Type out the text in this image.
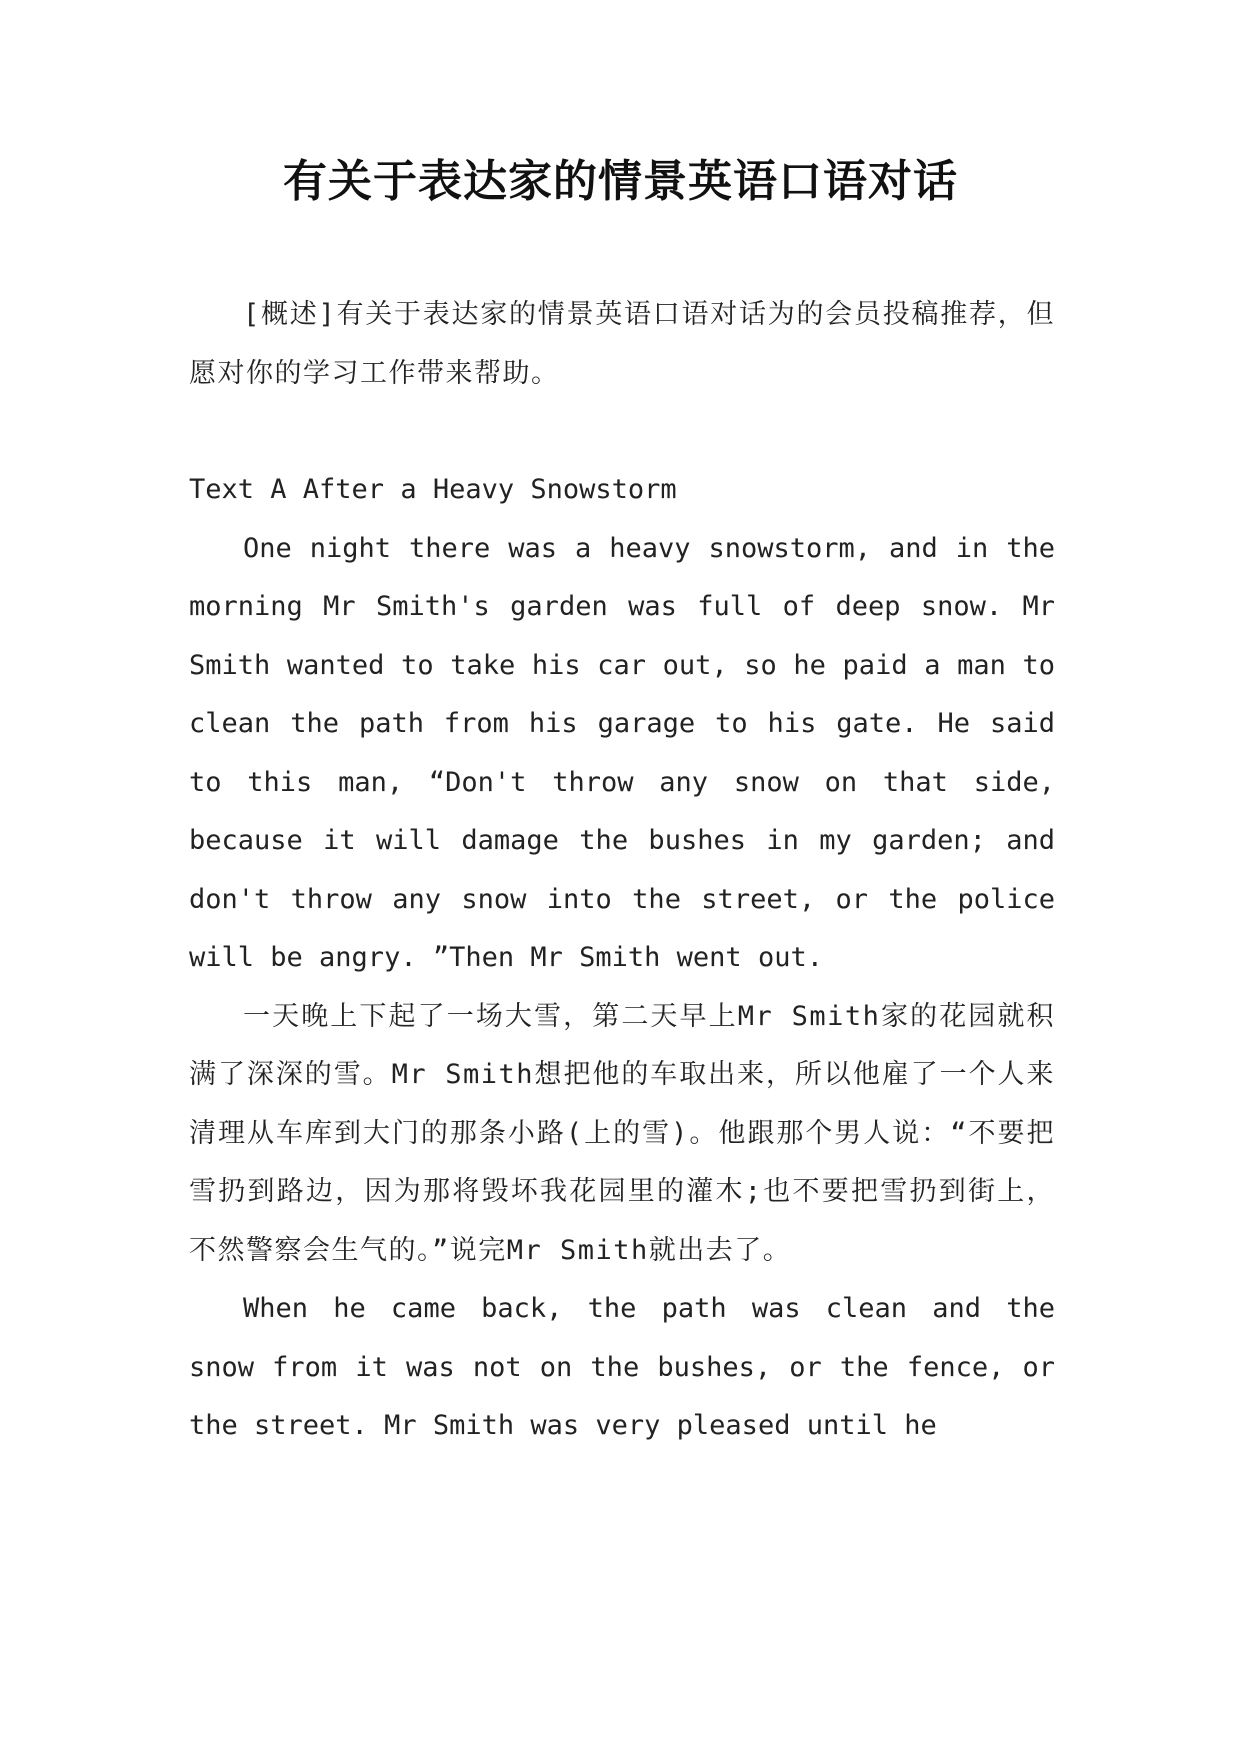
有关于表达家的情景英语口语对话

[概述]有关于表达家的情景英语口语对话为的会员投稿推荐，但愿对你的学习工作带来帮助。

Text A After a Heavy Snowstorm

One night there was a heavy snowstorm, and in the morning Mr Smith's garden was full of deep snow. Mr Smith wanted to take his car out, so he paid a man to clean the path from his garage to his gate. He said to this man, “Don't throw any snow on that side, because it will damage the bushes in my garden; and don't throw any snow into the street, or the police will be angry. ”Then Mr Smith went out.

一天晚上下起了一场大雪，第二天早上Mr Smith家的花园就积满了深深的雪。Mr Smith想把他的车取出来，所以他雇了一个人来清理从车库到大门的那条小路(上的雪)。他跟那个男人说：“不要把雪扔到路边，因为那将毁坏我花园里的灌木;也不要把雪扔到街上，不然警察会生气的。”说完Mr Smith就出去了。

When he came back, the path was clean and the snow from it was not on the bushes, or the fence, or the street. Mr Smith was very pleased until he
